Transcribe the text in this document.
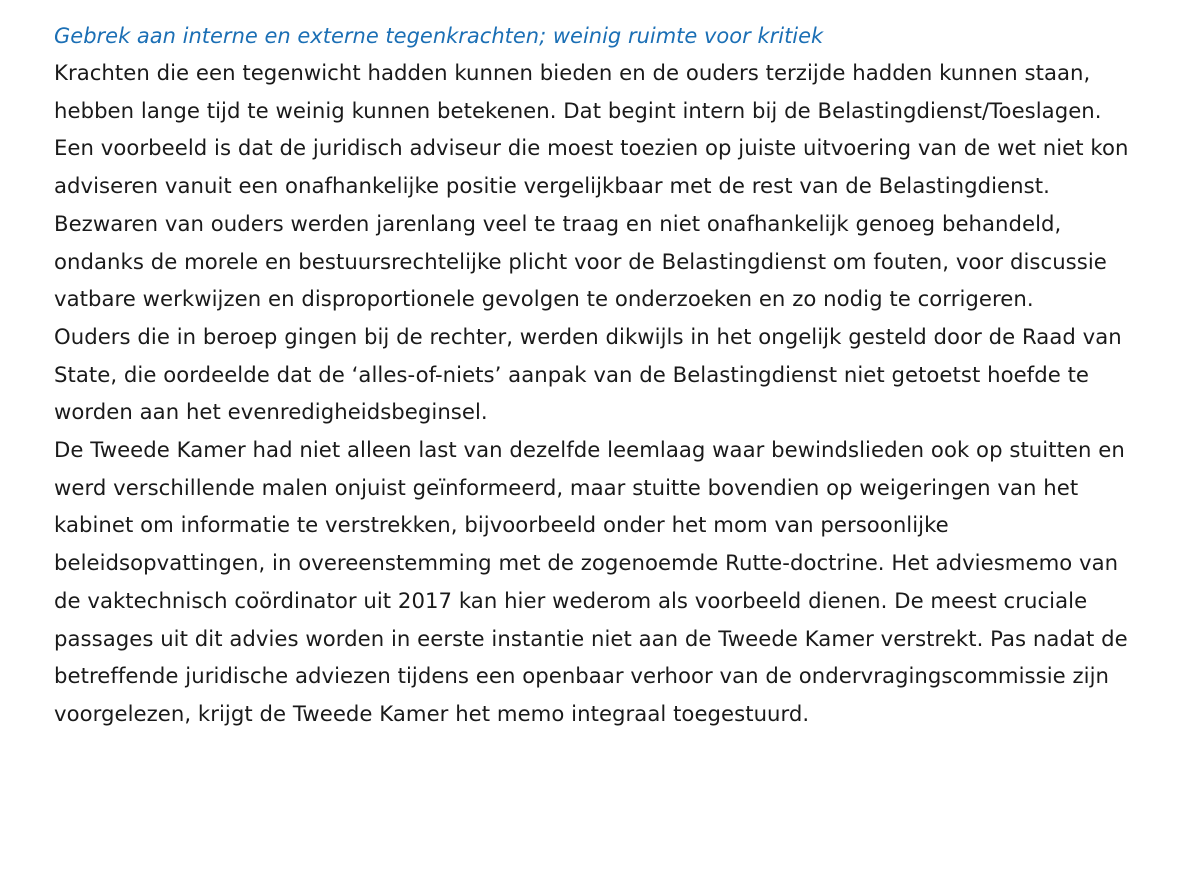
Gebrek aan interne en externe tegenkrachten; weinig ruimte voor kritiek

Krachten die een tegenwicht hadden kunnen bieden en de ouders terzijde hadden kunnen staan, hebben lange tijd te weinig kunnen betekenen. Dat begint intern bij de Belastingdienst/Toeslagen. Een voorbeeld is dat de juridisch adviseur die moest toezien op juiste uitvoering van de wet niet kon adviseren vanuit een onafhankelijke positie vergelijkbaar met de rest van de Belastingdienst.

Bezwaren van ouders werden jarenlang veel te traag en niet onafhankelijk genoeg behandeld, ondanks de morele en bestuursrechtelijke plicht voor de Belastingdienst om fouten, voor discussie vatbare werkwijzen en disproportionele gevolgen te onderzoeken en zo nodig te corrigeren.

Ouders die in beroep gingen bij de rechter, werden dikwijls in het ongelijk gesteld door de Raad van State, die oordeelde dat de ‘alles-of-niets’ aanpak van de Belastingdienst niet getoetst hoefde te worden aan het evenredigheidsbeginsel.

De Tweede Kamer had niet alleen last van dezelfde leemlaag waar bewindslieden ook op stuitten en werd verschillende malen onjuist geïnformeerd, maar stuitte bovendien op weigeringen van het kabinet om informatie te verstrekken, bijvoorbeeld onder het mom van persoonlijke beleidsopvattingen, in overeenstemming met de zogenoemde Rutte-doctrine. Het adviesmemo van de vaktechnisch coördinator uit 2017 kan hier wederom als voorbeeld dienen. De meest cruciale passages uit dit advies worden in eerste instantie niet aan de Tweede Kamer verstrekt. Pas nadat de betreffende juridische adviezen tijdens een openbaar verhoor van de ondervragingscommissie zijn voorgelezen, krijgt de Tweede Kamer het memo integraal toegestuurd.
